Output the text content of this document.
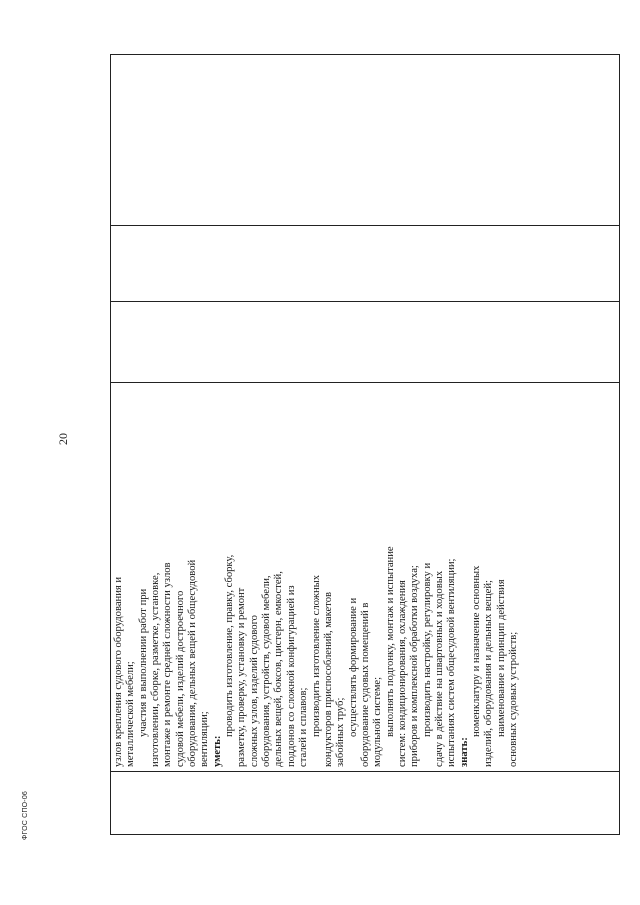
20

узлов крепления судового оборудования и металлической мебели; участия в выполнении работ при изготовлении, сборке, разметке, установке, монтаже и ремонте средней сложности узлов судовой мебели, изделий достроечного оборудования, дельных вещей и общесудовой вентиляции; уметь:
проводить изготовление, правку, сборку, разметку, проверку, установку и ремонт сложных узлов, изделий судового оборудования, устройств, судовой мебели, дельных вещей, боксов, цистерн, емкостей, поддонов со сложной конфигурацией из сталей и сплавов; производить изготовление сложных кондукторов приспособлений, макетов забойных труб; осуществлять формирование и оборудование судовых помещений в модульной системе; выполнять подгонку, монтаж и испытание систем: кондиционирования, охлаждения приборов и комплексной обработки воздуха; производить настройку, регулировку и сдачу в действие на швартовных и ходовых испытаниях систем общесудовой вентиляции; знать:
номенклатуру и назначение основных изделий, оборудования и дельных вещей; наименование и принцип действия основных судовых устройств;

ФГОС СПО-06
